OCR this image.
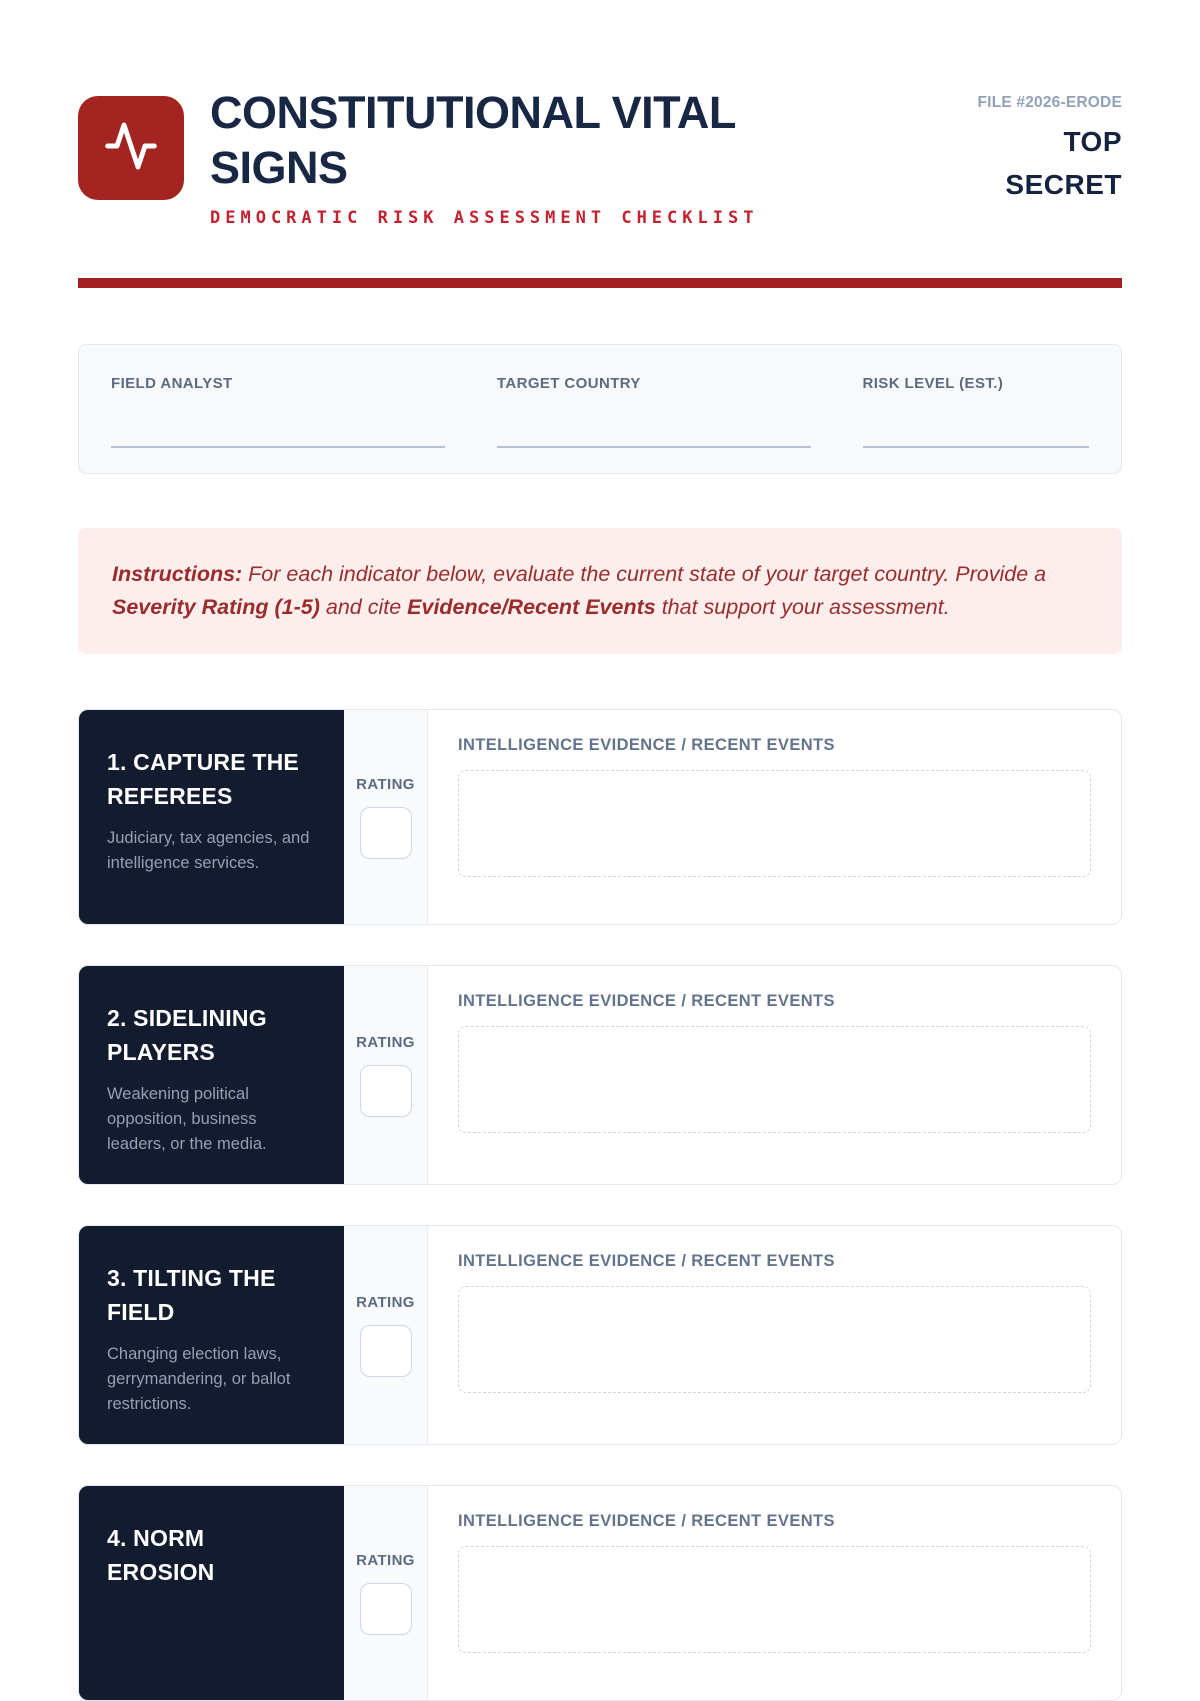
CONSTITUTIONAL VITAL SIGNS
DEMOCRATIC RISK ASSESSMENT CHECKLIST
FILE #2026-ERODE
TOP SECRET
FIELD ANALYST	TARGET COUNTRY	RISK LEVEL (EST.)
Instructions: For each indicator below, evaluate the current state of your target country. Provide a Severity Rating (1-5) and cite Evidence/Recent Events that support your assessment.
1. CAPTURE THE REFEREES
Judiciary, tax agencies, and intelligence services.
RATING
INTELLIGENCE EVIDENCE / RECENT EVENTS
2. SIDELINING PLAYERS
Weakening political opposition, business leaders, or the media.
RATING
INTELLIGENCE EVIDENCE / RECENT EVENTS
3. TILTING THE FIELD
Changing election laws, gerrymandering, or ballot restrictions.
RATING
INTELLIGENCE EVIDENCE / RECENT EVENTS
4. NORM EROSION	RATING
INTELLIGENCE EVIDENCE / RECENT EVENTS
